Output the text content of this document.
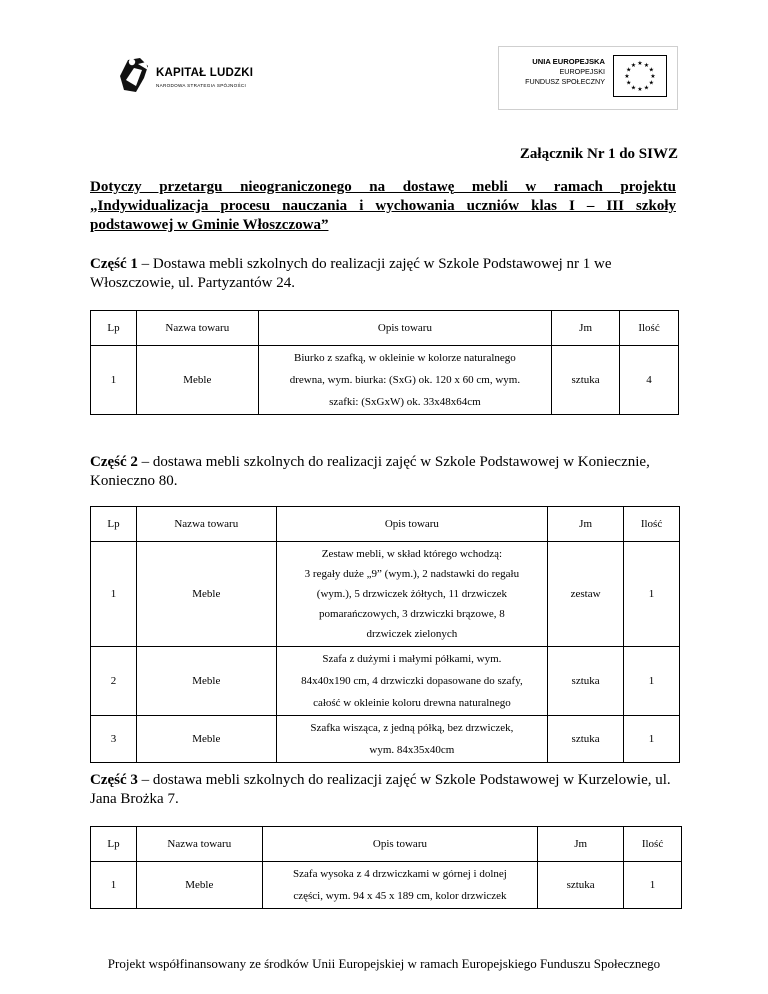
KAPITAŁ LUDZKI
NARODOWA STRATEGIA SPÓJNOŚCI
UNIA EUROPEJSKA
EUROPEJSKI
FUNDUSZ SPOŁECZNY
★ ★
★
★
★
★
★
★
★
★
★
★
Załącznik Nr 1 do SIWZ
Dotyczy przetargu nieograniczonego na dostawę mebli w ramach projektu
„Indywidualizacja procesu nauczania i wychowania uczniów klas I – III szkoły
podstawowej w Gminie Włoszczowa”
Część 1 – Dostawa mebli szkolnych do realizacji zajęć w Szkole Podstawowej nr 1 we Włoszczowie, ul. Partyzantów 24.
Lp	Nazwa towaru	Opis towaru	Jm	Ilość
1	Meble	Biurko z szafką, w okleinie w kolorze naturalnego
drewna, wym. biurka: (SxG) ok. 120 x 60 cm, wym.
szafki: (SxGxW) ok. 33x48x64cm	sztuka	4
Część 2 – dostawa mebli szkolnych do realizacji zajęć w Szkole Podstawowej w Koniecznie, Konieczno 80.
Lp	Nazwa towaru	Opis towaru	Jm	Ilość
1	Meble	Zestaw mebli, w skład którego wchodzą:
3 regały duże „9” (wym.), 2 nadstawki do regału
(wym.), 5 drzwiczek żółtych, 11 drzwiczek
pomarańczowych, 3 drzwiczki brązowe, 8
drzwiczek zielonych	zestaw	1
2	Meble	Szafa z dużymi i małymi półkami, wym.
84x40x190 cm, 4 drzwiczki dopasowane do szafy,
całość w okleinie koloru drewna naturalnego	sztuka	1
3	Meble	Szafka wisząca, z jedną półką, bez drzwiczek,
wym. 84x35x40cm	sztuka	1
Część 3 – dostawa mebli szkolnych do realizacji zajęć w Szkole Podstawowej w Kurzelowie, ul. Jana Brożka 7.
Lp	Nazwa towaru	Opis towaru	Jm	Ilość
1	Meble	Szafa wysoka z 4 drzwiczkami w górnej i dolnej
części, wym. 94 x 45 x 189 cm, kolor drzwiczek	sztuka	1
Projekt współfinansowany ze środków Unii Europejskiej w ramach Europejskiego Funduszu Społecznego
